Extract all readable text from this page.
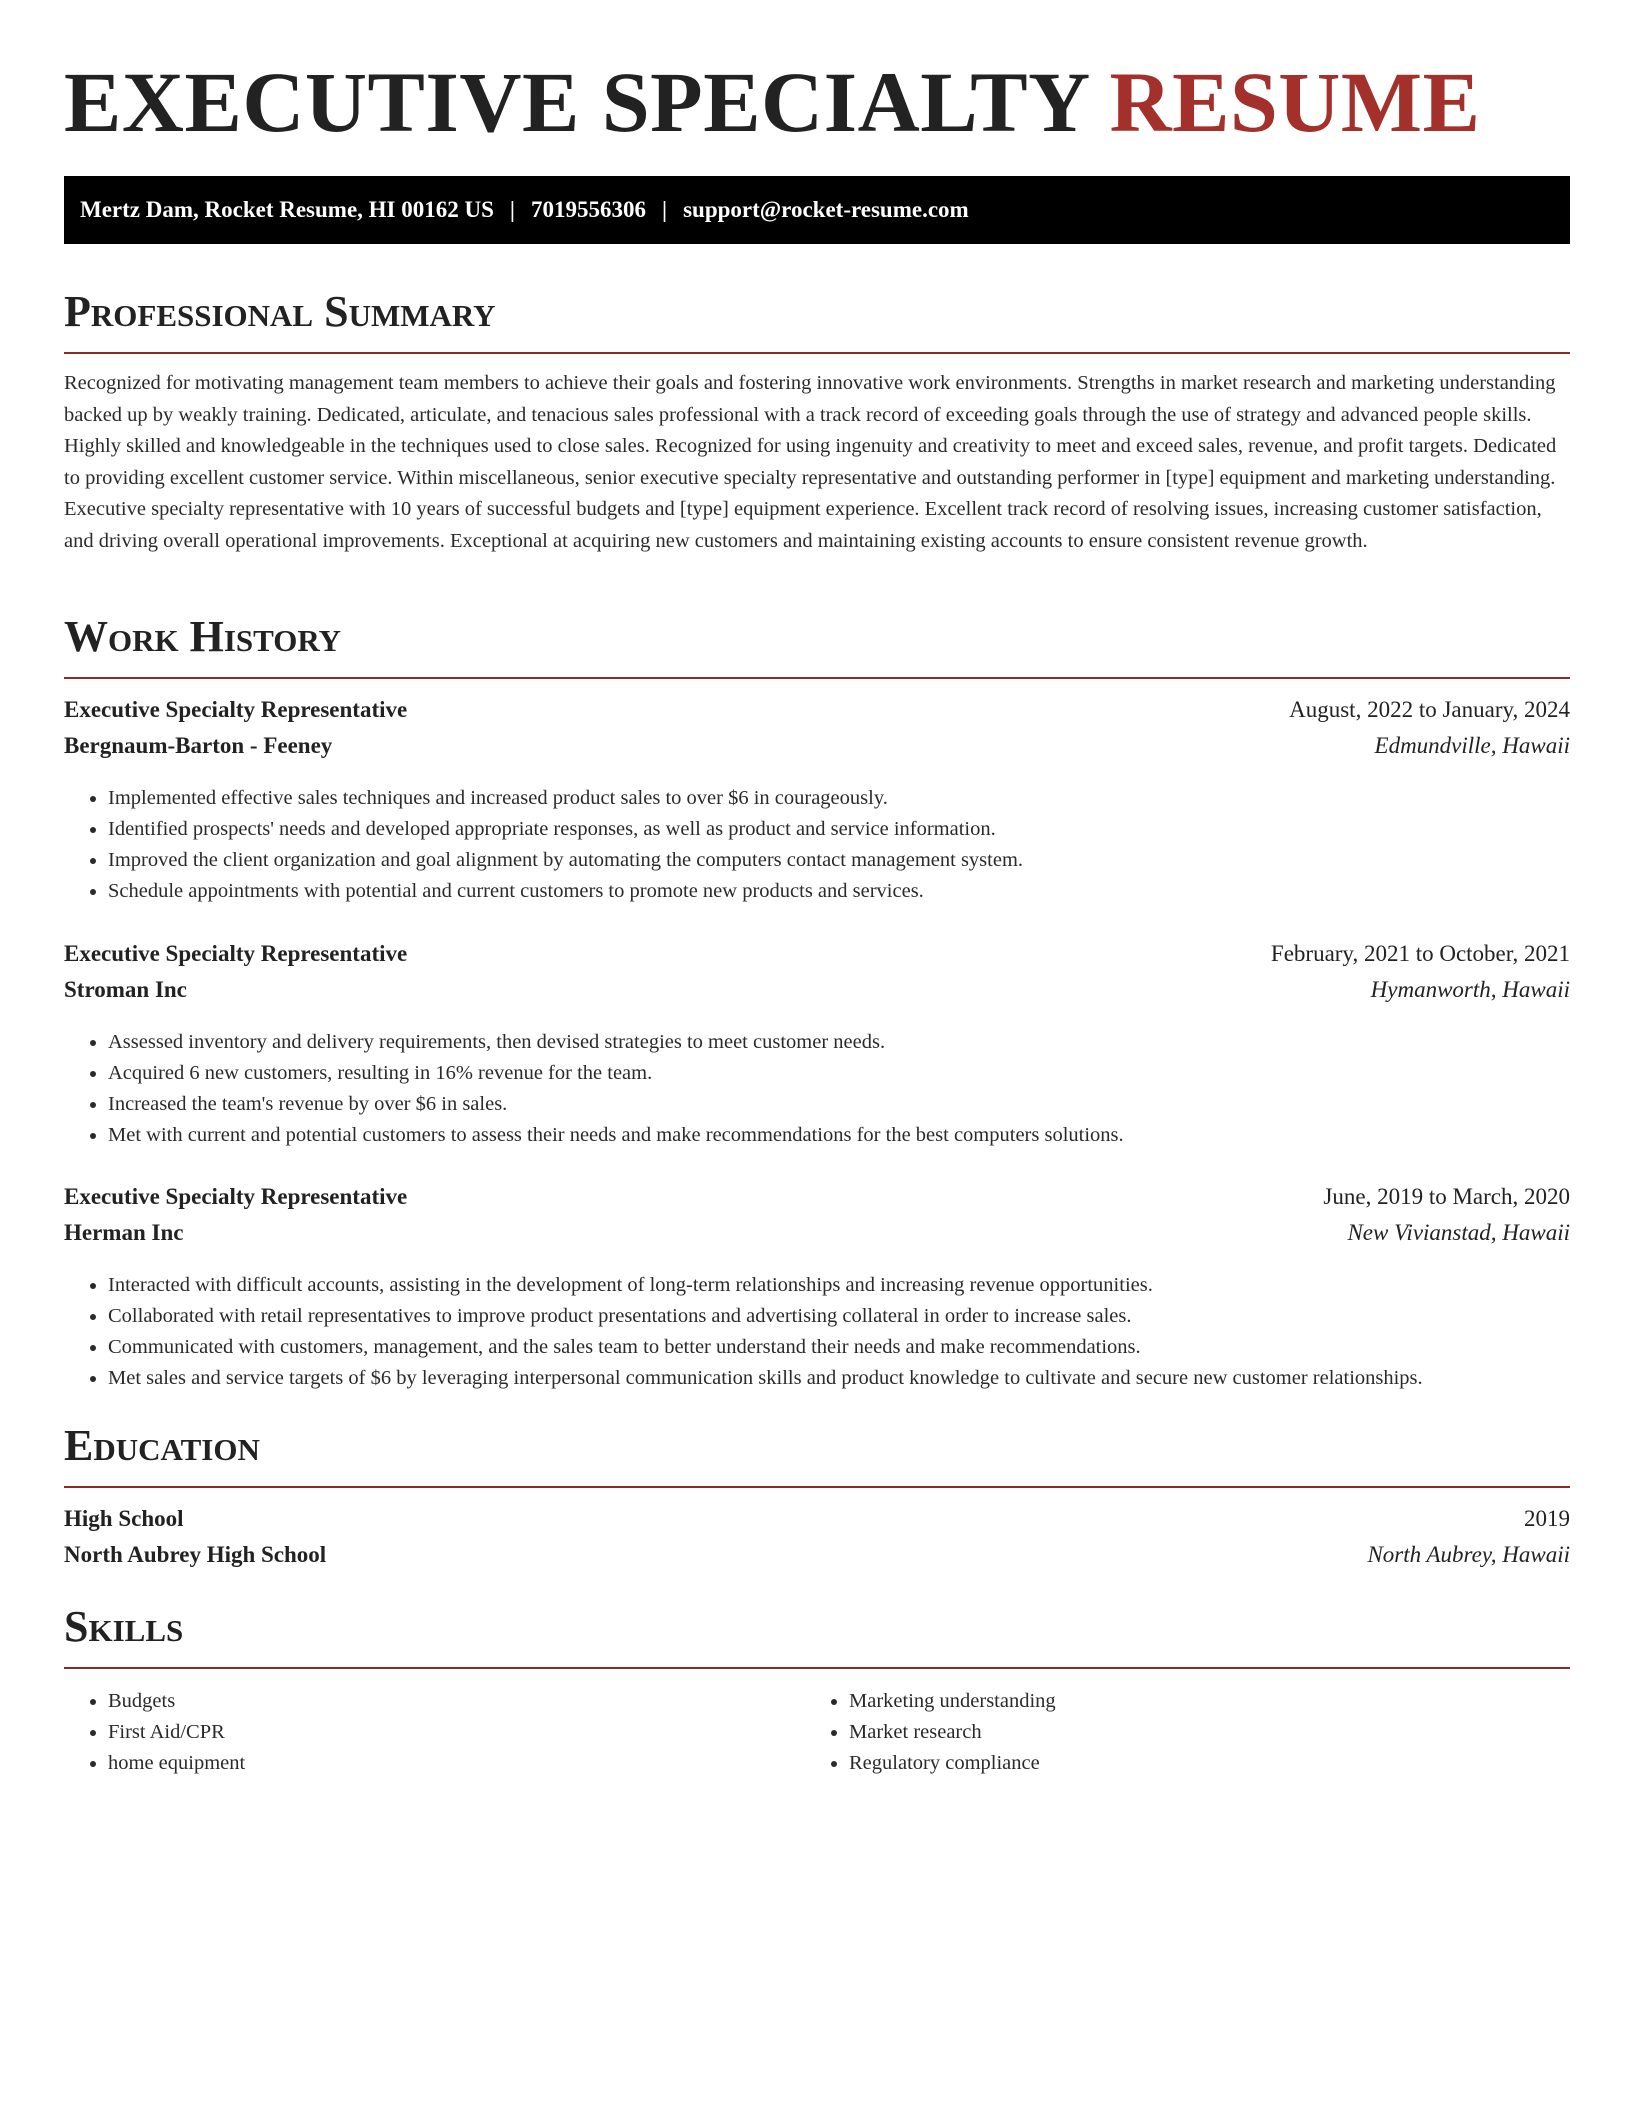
EXECUTIVE SPECIALTY RESUME
Mertz Dam, Rocket Resume, HI 00162 US | 7019556306 | support@rocket-resume.com
Professional Summary

Recognized for motivating management team members to achieve their goals and fostering innovative work environments. Strengths in market research and marketing understanding backed up by weakly training. Dedicated, articulate, and tenacious sales professional with a track record of exceeding goals through the use of strategy and advanced people skills. Highly skilled and knowledgeable in the techniques used to close sales. Recognized for using ingenuity and creativity to meet and exceed sales, revenue, and profit targets. Dedicated to providing excellent customer service. Within miscellaneous, senior executive specialty representative and outstanding performer in [type] equipment and marketing understanding. Executive specialty representative with 10 years of successful budgets and [type] equipment experience. Excellent track record of resolving issues, increasing customer satisfaction, and driving overall operational improvements. Exceptional at acquiring new customers and maintaining existing accounts to ensure consistent revenue growth.

Work History
Executive Specialty Representative	August, 2022 to January, 2024
Bergnaum-Barton - Feeney	Edmundville, Hawaii
• Implemented effective sales techniques and increased product sales to over $6 in courageously.
• Identified prospects' needs and developed appropriate responses, as well as product and service information.
• Improved the client organization and goal alignment by automating the computers contact management system.
• Schedule appointments with potential and current customers to promote new products and services.
Executive Specialty Representative	February, 2021 to October, 2021
Stroman Inc	Hymanworth, Hawaii
• Assessed inventory and delivery requirements, then devised strategies to meet customer needs.
• Acquired 6 new customers, resulting in 16% revenue for the team.
• Increased the team's revenue by over $6 in sales.
• Met with current and potential customers to assess their needs and make recommendations for the best computers solutions.
Executive Specialty Representative	June, 2019 to March, 2020
Herman Inc	New Vivianstad, Hawaii
• Interacted with difficult accounts, assisting in the development of long-term relationships and increasing revenue opportunities.
• Collaborated with retail representatives to improve product presentations and advertising collateral in order to increase sales.
• Communicated with customers, management, and the sales team to better understand their needs and make recommendations.
• Met sales and service targets of $6 by leveraging interpersonal communication skills and product knowledge to cultivate and secure new customer relationships.
Education
High School	2019
North Aubrey High School	North Aubrey, Hawaii
Skills
• Budgets
• First Aid/CPR
• home equipment
• Marketing understanding
• Market research
• Regulatory compliance
